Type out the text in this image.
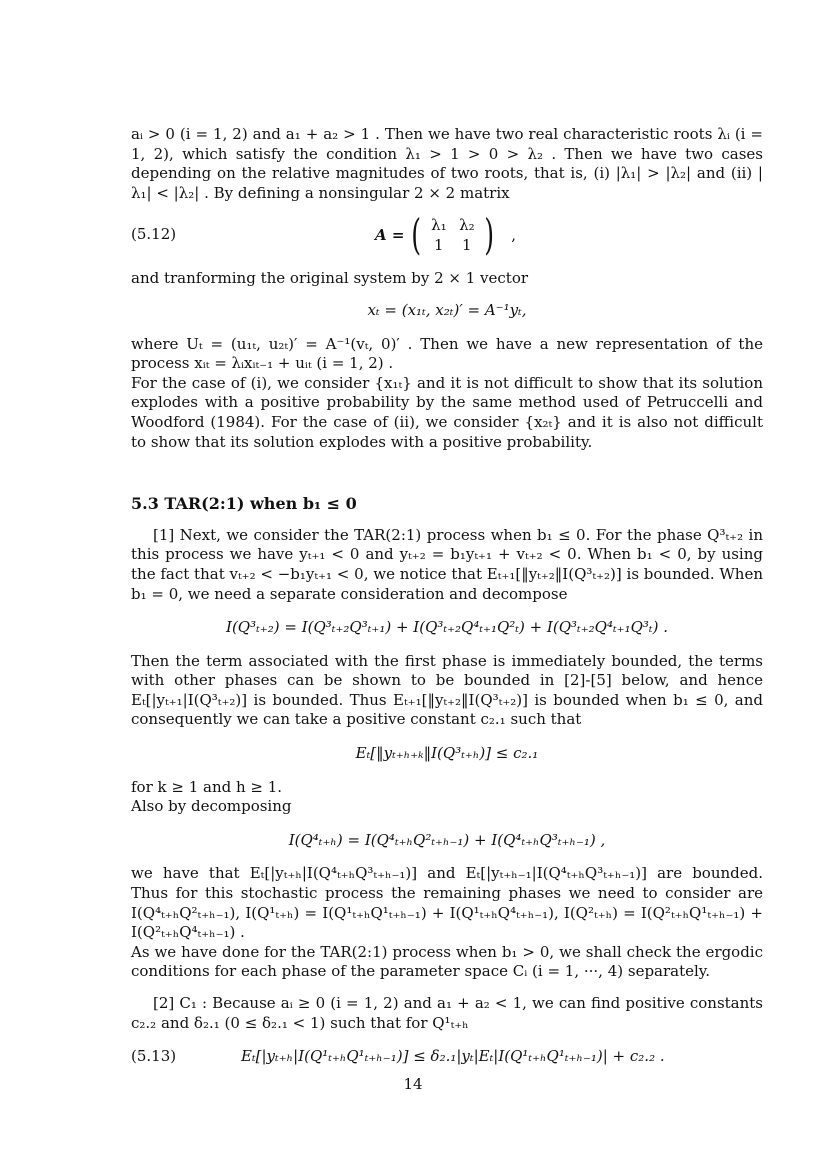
aᵢ > 0 (i = 1, 2) and a₁ + a₂ > 1 . Then we have two real characteristic roots λᵢ (i = 1, 2), which satisfy the condition λ₁ > 1 > 0 > λ₂ . Then we have two cases depending on the relative magnitudes of two roots, that is, (i) |λ₁| > |λ₂| and (ii) |λ₁| < |λ₂| . By defining a nonsingular 2 × 2 matrix

(5.12)	A = ( λ₁ λ₂
1	1 ) ,

and tranforming the original system by 2 × 1 vector

xₜ = (x₁ₜ, x₂ₜ)′ = A⁻¹yₜ,

where Uₜ = (u₁ₜ, u₂ₜ)′ = A⁻¹(vₜ, 0)′ . Then we have a new representation of the process xᵢₜ = λᵢxᵢₜ₋₁ + uᵢₜ (i = 1, 2) .

For the case of (i), we consider {x₁ₜ} and it is not difficult to show that its solution explodes with a positive probability by the same method used of Petruccelli and Woodford (1984). For the case of (ii), we consider {x₂ₜ} and it is also not difficult to show that its solution explodes with a positive probability.

5.3 TAR(2:1) when b₁ ≤ 0

[1] Next, we consider the TAR(2:1) process when b₁ ≤ 0. For the phase Q³ₜ₊₂ in this process we have yₜ₊₁ < 0 and yₜ₊₂ = b₁yₜ₊₁ + vₜ₊₂ < 0. When b₁ < 0, by using the fact that vₜ₊₂ < −b₁yₜ₊₁ < 0, we notice that Eₜ₊₁[‖yₜ₊₂‖I(Q³ₜ₊₂)] is bounded. When b₁ = 0, we need a separate consideration and decompose

I(Q³ₜ₊₂) = I(Q³ₜ₊₂Q³ₜ₊₁) + I(Q³ₜ₊₂Q⁴ₜ₊₁Q²ₜ) + I(Q³ₜ₊₂Q⁴ₜ₊₁Q³ₜ) .

Then the term associated with the first phase is immediately bounded, the terms with other phases can be shown to be bounded in [2]-[5] below, and hence Eₜ[|yₜ₊₁|I(Q³ₜ₊₂)] is bounded. Thus Eₜ₊₁[‖yₜ₊₂‖I(Q³ₜ₊₂)] is bounded when b₁ ≤ 0, and consequently we can take a positive constant c₂.₁ such that

Eₜ[‖yₜ₊ₕ₊ₖ‖I(Q³ₜ₊ₕ)] ≤ c₂.₁

for k ≥ 1 and h ≥ 1.

Also by decomposing

I(Q⁴ₜ₊ₕ) = I(Q⁴ₜ₊ₕQ²ₜ₊ₕ₋₁) + I(Q⁴ₜ₊ₕQ³ₜ₊ₕ₋₁) ,

we have that Eₜ[|yₜ₊ₕ|I(Q⁴ₜ₊ₕQ³ₜ₊ₕ₋₁)] and Eₜ[|yₜ₊ₕ₋₁|I(Q⁴ₜ₊ₕQ³ₜ₊ₕ₋₁)] are bounded. Thus for this stochastic process the remaining phases we need to consider are I(Q⁴ₜ₊ₕQ²ₜ₊ₕ₋₁), I(Q¹ₜ₊ₕ) = I(Q¹ₜ₊ₕQ¹ₜ₊ₕ₋₁) + I(Q¹ₜ₊ₕQ⁴ₜ₊ₕ₋₁), I(Q²ₜ₊ₕ) = I(Q²ₜ₊ₕQ¹ₜ₊ₕ₋₁) + I(Q²ₜ₊ₕQ⁴ₜ₊ₕ₋₁) .

As we have done for the TAR(2:1) process when b₁ > 0, we shall check the ergodic conditions for each phase of the parameter space Cᵢ (i = 1, ···, 4) separately.

[2] C₁ : Because aᵢ ≥ 0 (i = 1, 2) and a₁ + a₂ < 1, we can find positive constants c₂.₂ and δ₂.₁ (0 ≤ δ₂.₁ < 1) such that for Q¹ₜ₊ₕ

(5.13)	Eₜ[|yₜ₊ₕ|I(Q¹ₜ₊ₕQ¹ₜ₊ₕ₋₁)] ≤ δ₂.₁|yₜ|Eₜ|I(Q¹ₜ₊ₕQ¹ₜ₊ₕ₋₁)| + c₂.₂ .
14
